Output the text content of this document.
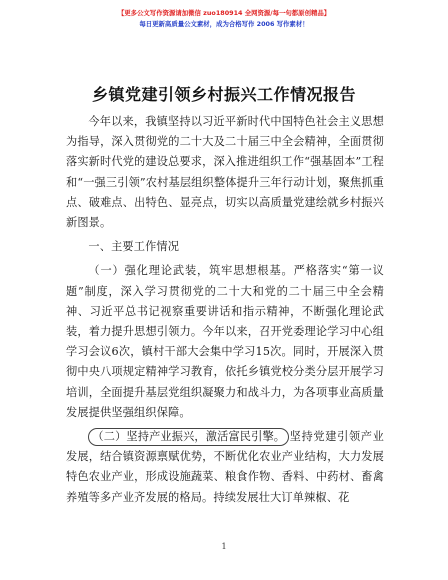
【更多公文写作资源请加微信 zuo180914 全网资源/每一句都原创精品】
每日更新高质量公文素材，成为合格写作 2006 写作素材！
乡镇党建引领乡村振兴工作情况报告

今年以来，我镇坚持以习近平新时代中国特色社会主义思想为指导，深入贯彻党的二十大及二十届三中全会精神，全面贯彻落实新时代党的建设总要求，深入推进组织工作“强基固本”工程和“一强三引领”农村基层组织整体提升三年行动计划，聚焦抓重点、破难点、出特色、显亮点，切实以高质量党建绘就乡村振兴新图景。

一、主要工作情况

（一）强化理论武装，筑牢思想根基。严格落实“第一议题”制度，深入学习贯彻党的二十大和党的二十届三中全会精神、习近平总书记视察重要讲话和指示精神，不断强化理论武装，着力提升思想引领力。今年以来，召开党委理论学习中心组学习会议6次，镇村干部大会集中学习15次。同时，开展深入贯彻中央八项规定精神学习教育，依托乡镇党校分类分层开展学习培训，全面提升基层党组织凝聚力和战斗力，为各项事业高质量发展提供坚强组织保障。

（二）坚持产业振兴，激活富民引擎。 坚持党建引领产业发展，结合镇资源禀赋优势，不断优化农业产业结构，大力发展特色农业产业，形成设施蔬菜、粮食作物、香料、中药材、畜禽养殖等多产业齐发展的格局。持续发展壮大订单辣椒、花

1
